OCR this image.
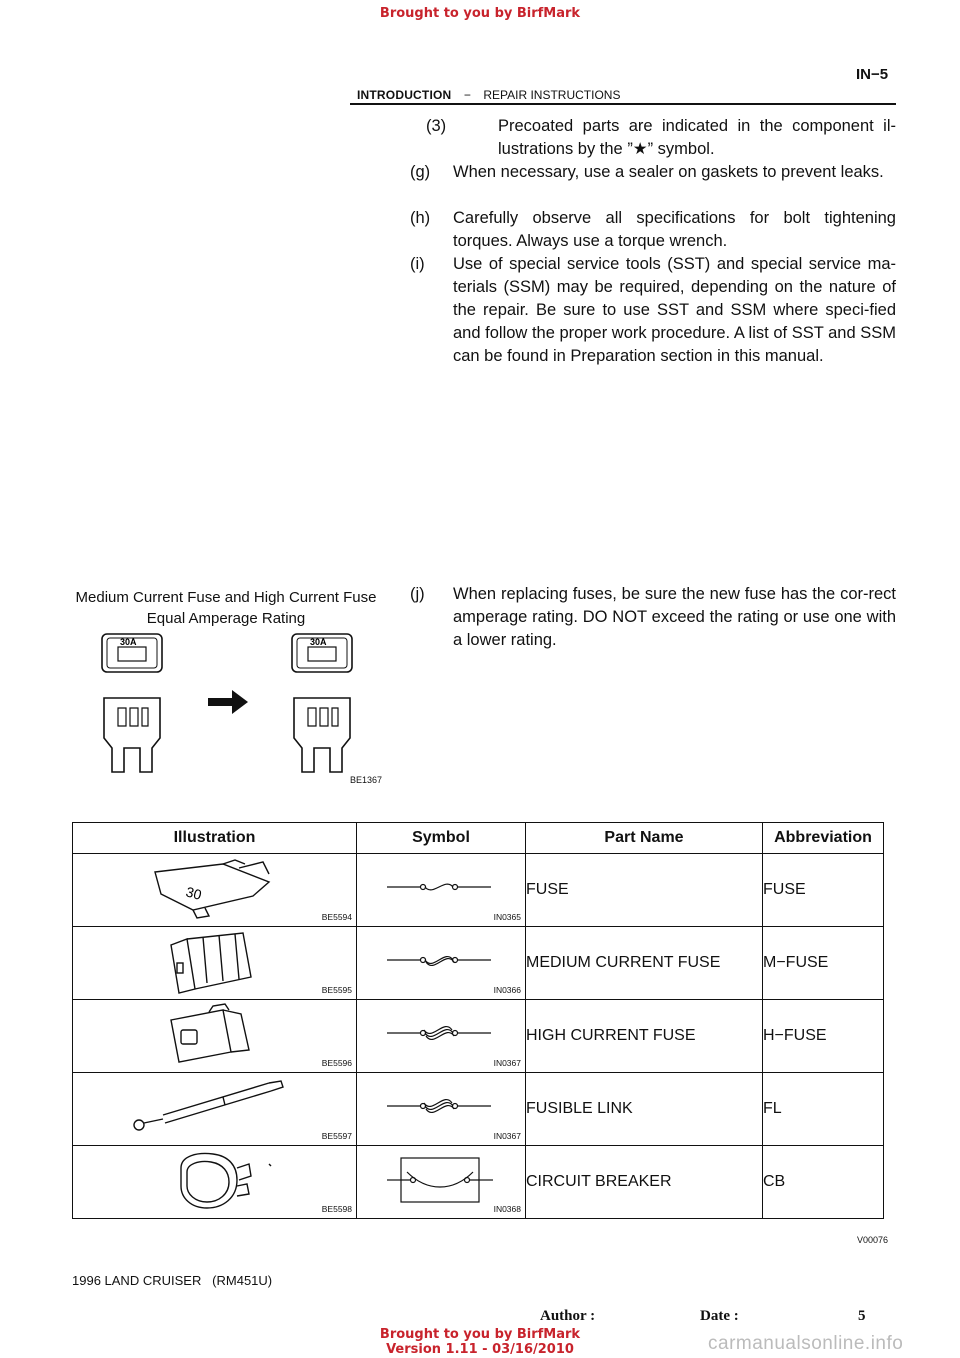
Brought to you by BirfMark
INTRODUCTION − REPAIR INSTRUCTIONS
IN−5
(3)	Precoated parts are indicated in the component il-lustrations by the ”★” symbol.
(g) When necessary, use a sealer on gaskets to prevent leaks.
(h) Carefully observe all specifications for bolt tightening torques. Always use a torque wrench.
(i) Use of special service tools (SST) and special service ma-terials (SSM) may be required, depending on the nature of the repair. Be sure to use SST and SSM where speci-fied and follow the proper work procedure. A list of SST and SSM can be found in Preparation section in this manual.
(j) When replacing fuses, be sure the new fuse has the cor-rect amperage rating. DO NOT exceed the rating or use one with a lower rating.
Medium Current Fuse and High Current Fuse
Equal Amperage Rating
30A	30A
BE1367
Illustration	Symbol	Part Name	Abbreviation

30
BE5594	IN0365	FUSE	FUSE

BE5595	IN0366	MEDIUM CURRENT FUSE	M−FUSE

BE5596	IN0367	HIGH CURRENT FUSE	H−FUSE

BE5597	IN0367	FUSIBLE LINK	FL

BE5598	IN0368	CIRCUIT BREAKER	CB
V00076
1996 LAND CRUISER   (RM451U)
Author :	Date :	5
Brought to you by BirfMark
Version 1.11 - 03/16/2010	carmanualsonline.info
